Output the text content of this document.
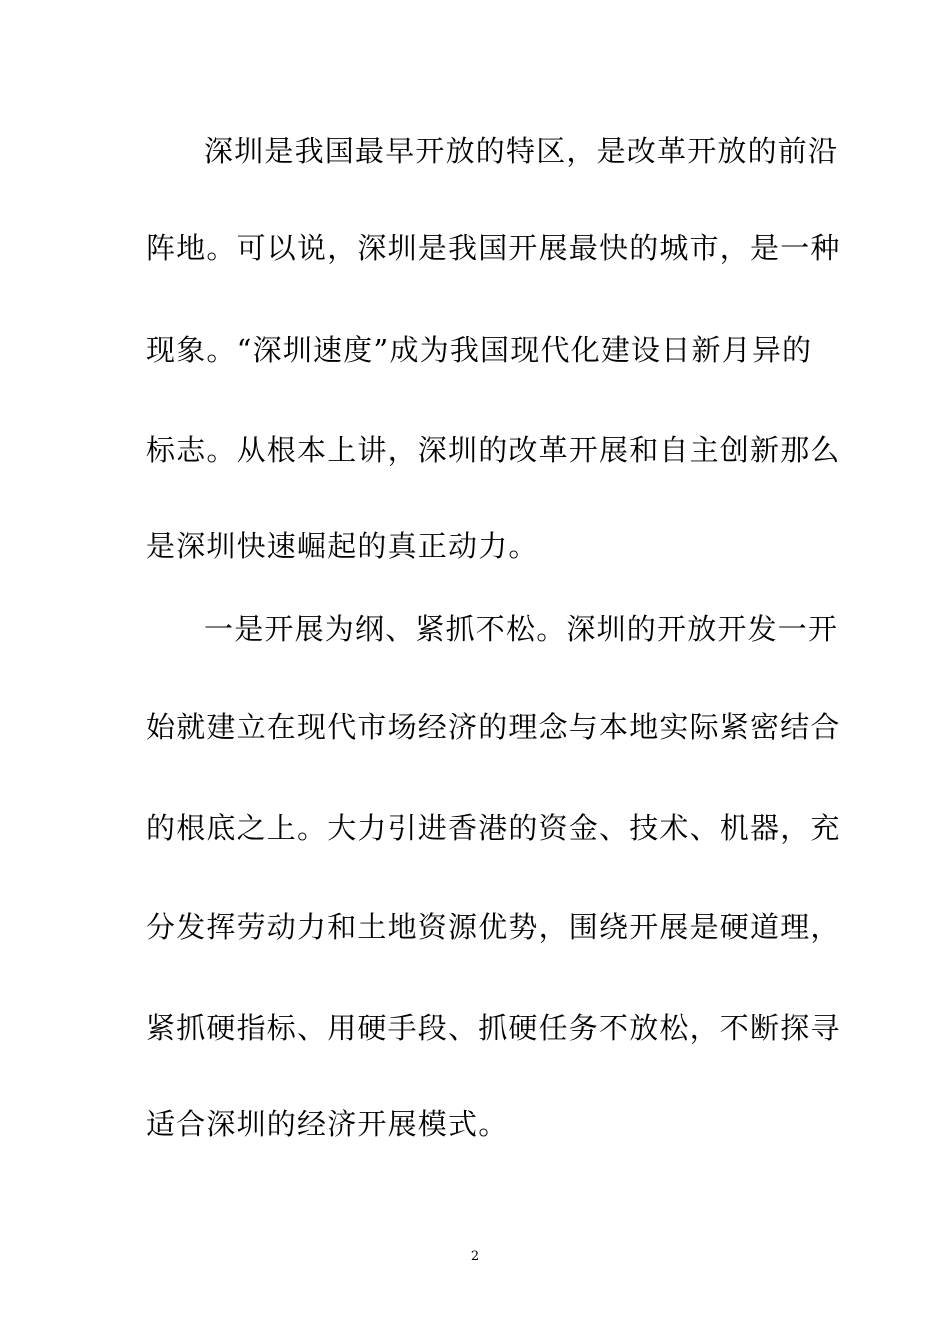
深圳是我国最早开放的特区，是改革开放的前沿
阵地。可以说，深圳是我国开展最快的城市，是一种
现象。“深圳速度”成为我国现代化建设日新月异的
标志。从根本上讲，深圳的改革开展和自主创新那么
是深圳快速崛起的真正动力。
一是开展为纲、紧抓不松。深圳的开放开发一开
始就建立在现代市场经济的理念与本地实际紧密结合
的根底之上。大力引进香港的资金、技术、机器，充
分发挥劳动力和土地资源优势，围绕开展是硬道理，
紧抓硬指标、用硬手段、抓硬任务不放松，不断探寻
适合深圳的经济开展模式。
2
